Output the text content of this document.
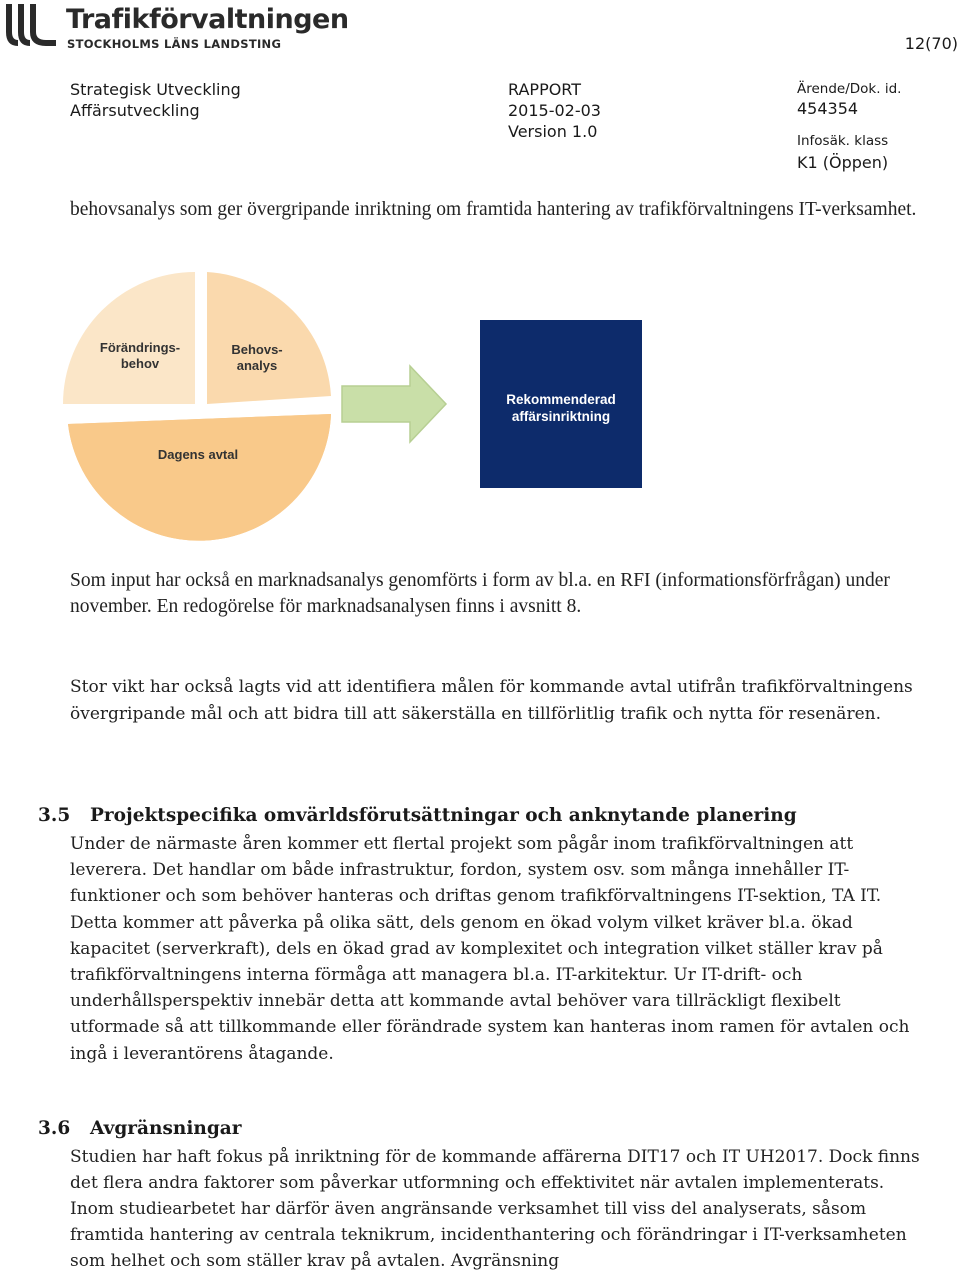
Trafikförvaltningen
STOCKHOLMS LÄNS LANDSTING	12(70)
Strategisk Utveckling
Affärsutveckling
RAPPORT
2015-02-03
Version 1.0
Ärende/Dok. id.
454354
Infosäk. klass
K1 (Öppen)
behovsanalys som ger övergripande inriktning om framtida hantering av trafikförvaltningens IT-verksamhet.
Förändrings-
behov
Behovs-
analys
Dagens avtal
Rekommenderad
affärsinriktning
Som input har också en marknadsanalys genomförts i form av bl.a. en RFI (informationsförfrågan) under november. En redogörelse för marknadsanalysen finns i avsnitt 8.
Stor vikt har också lagts vid att identifiera målen för kommande avtal utifrån trafikförvaltningens övergripande mål och att bidra till att säkerställa en tillförlitlig trafik och nytta för resenären.
3.5 Projektspecifika omvärldsförutsättningar och anknytande planering
Under de närmaste åren kommer ett flertal projekt som pågår inom trafikförvaltningen att leverera. Det handlar om både infrastruktur, fordon, system osv. som många innehåller IT-funktioner och som behöver hanteras och driftas genom trafikförvaltningens IT-sektion, TA IT. Detta kommer att påverka på olika sätt, dels genom en ökad volym vilket kräver bl.a. ökad kapacitet (serverkraft), dels en ökad grad av komplexitet och integration vilket ställer krav på trafikförvaltningens interna förmåga att managera bl.a. IT-arkitektur. Ur IT-drift- och underhållsperspektiv innebär detta att kommande avtal behöver vara tillräckligt flexibelt utformade så att tillkommande eller förändrade system kan hanteras inom ramen för avtalen och ingå i leverantörens åtagande.
3.6 Avgränsningar
Studien har haft fokus på inriktning för de kommande affärerna DIT17 och IT UH2017. Dock finns det flera andra faktorer som påverkar utformning och effektivitet när avtalen implementerats. Inom studiearbetet har därför även angränsande verksamhet till viss del analyserats, såsom framtida hantering av centrala teknikrum, incidenthantering och förändringar i IT-verksamheten som helhet och som ställer krav på avtalen. Avgränsning
